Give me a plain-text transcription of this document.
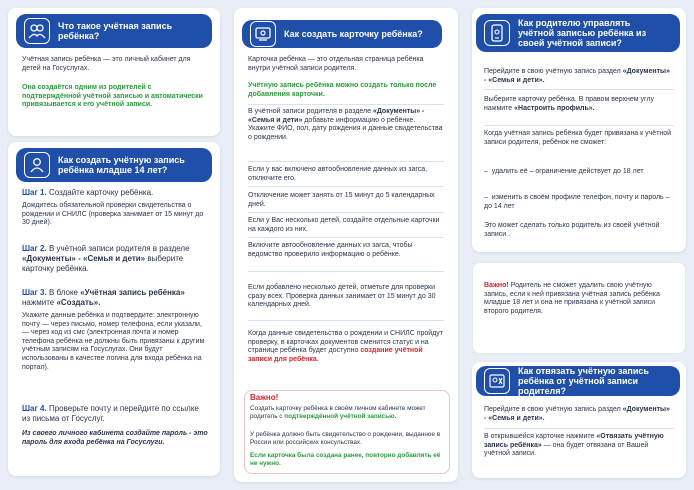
Что такое учётная запись ребёнка?
Учётная запись ребёнка — это личный кабинет для детей на Госуслугах.
Она создаётся одним из родителей с подтверждённой учётной записью и автоматически привязывается к его учётной записи.
Как создать учётную запись ребёнка младше 14 лет?
Шаг 1. Создайте карточку ребёнка.
Дождитесь обязательной проверки свидетельства о рождении и СНИЛС (проверка занимает от 15 минут до 30 дней).
Шаг 2. В учётной записи родителя в разделе «Документы» - «Семья и дети» выберите карточку ребёнка.
Шаг 3. В блоке «Учётная запись ребёнка» нажмите «Создать».
Укажите данные ребёнка и подтвердите: электронную почту — через письмо, номер телефона, если указали, — через код из смс (электронная почта и номер телефона ребёнка не должны быть привязаны к другим учётным записям на Госуслугах. Они будут использованы в качестве логина для входа ребёнка на портал).
Шаг 4. Проверьте почту и перейдите по ссылке из письма от Госуслуг.
Из своего личного кабинета создайте пароль - это пароль для входа ребёнка на Госуслуги.
Как создать карточку ребёнка?
Карточка ребёнка — это отдельная страница ребёнка внутри учётной записи родителя.
Учётную запись ребёнка можно создать только после добавления карточки.
В учётной записи родителя в разделе «Документы» - «Семья и дети» добавьте информацию о ребёнке. Укажите ФИО, пол, дату рождения и данные свидетельства о рождении.
Если у вас включено автообновление данных из загса, отключите его.
Отключение может занять от 15 минут до 5 календарных дней.
Если у Вас несколько детей, создайте отдельные карточки на каждого из них.
Включите автообновление данных из загса, чтобы ведомство проверило информацию о ребёнке.
Если добавлено несколько детей, отметьте для проверки сразу всех. Проверка данных занимает от 15 минут до 30 календарных дней.
Когда данные свидетельства о рождении и СНИЛС пройдут проверку, в карточках документов сменится статус и на странице ребёнка будет доступно создание учётной записи для ребёнка.
Важно!
Создать карточку ребёнка в своём личном кабинете может родитель с подтверждённой учётной записью.
У ребёнка должно быть свидетельство о рождении, выданное в России или российских консульствах.
Если карточка была создана ранее, повторно добавлять её не нужно.
Как родителю управлять учётной записью ребёнка из своей учётной записи?
Перейдите в свою учётную запись раздел «Документы» - «Семья и дети».
Выберите карточку ребёнка. В правом верхнем углу нажмите «Настроить профиль».
Когда учётная запись ребёнка будет привязана к учётной записи родителя, ребёнок не сможет:
–  удалить её – ограничение действует до 18 лет
–  изменить в своём профиле телефон, почту и пароль – до 14 лет
Это может сделать только родитель из своей учётной записи .
Важно! Родитель не сможет удалить свою учётную запись, если к ней привязана учётная запись ребёнка младше 18 лет и она не привязана к учётной записи второго родителя.
Как отвязать учётную запись ребёнка от учётной записи родителя?
Перейдите в свою учётную запись раздел «Документы» - «Семья и дети».
В открывшейся карточке нажмите «Отвязать учётную запись ребёнка» — она будет отвязана от Вашей учётной записи.
